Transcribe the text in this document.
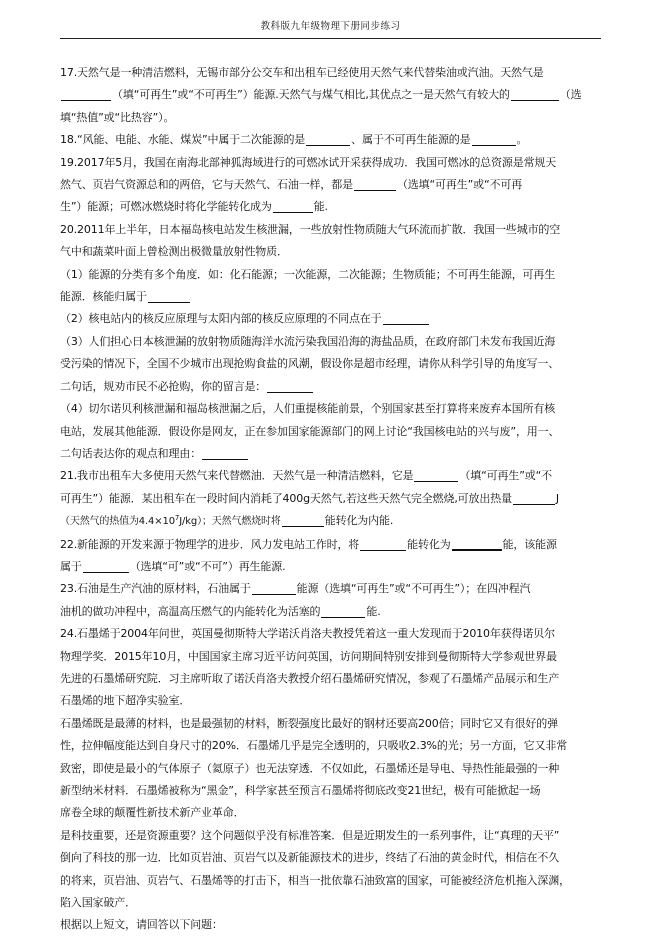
教科版九年级物理下册同步练习

17.天然气是一种清洁燃料，无锡市部分公交车和出租车已经使用天然气来代替柴油或汽油。天然气是

（填“可再生”或“不可再生”）能源.天然气与煤气相比,其优点之一是天然气有较大的	（选

填“热值”或“比热容”）。

18.“风能、电能、水能、煤炭”中属于二次能源的是	、属于不可再生能源的是	。

19.2017年5月，我国在南海北部神狐海域进行的可燃冰试开采获得成功．我国可燃冰的总资源是常规天

然气、页岩气资源总和的两倍，它与天然气、石油一样，都是	（选填“可再生”或“不可再

生”）能源；可燃冰燃烧时将化学能转化成为	能.

20.2011年上半年，日本福岛核电站发生核泄漏，一些放射性物质随大气环流而扩散．我国一些城市的空

气中和蔬菜叶面上曾检测出极微量放射性物质．

（1）能源的分类有多个角度．如：化石能源；一次能源，二次能源；生物质能；不可再生能源，可再生

能源．核能归属于

（2）核电站内的核反应原理与太阳内部的核反应原理的不同点在于

（3）人们担心日本核泄漏的放射物质随海洋水流污染我国沿海的海盐品质，在政府部门未发布我国近海

受污染的情况下，全国不少城市出现抢购食盐的风潮，假设你是超市经理，请你从科学引导的角度写一、

二句话，规劝市民不必抢购，你的留言是：

（4）切尔诺贝利核泄漏和福岛核泄漏之后，人们重提核能前景，个别国家甚至打算将来废弃本国所有核

电站，发展其他能源．假设你是网友，正在参加国家能源部门的网上讨论“我国核电站的兴与废”，用一、

二句话表达你的观点和理由：

21.我市出租车大多使用天然气来代替燃油．天然气是一种清洁燃料，它是	（填“可再生”或“不

可再生”）能源．某出租车在一段时间内消耗了400g天然气,若这些天然气完全燃烧,可放出热量	J

（天然气的热值为$4.4\times 10^7J/kg$）；天然气燃烧时将	能转化为内能.

22.新能源的开发来源于物理学的进步．风力发电站工作时，将	能转化为	能，该能源

属于	（选填“可”或“不可”）再生能源.

23.石油是生产汽油的原材料，石油属于	能源（选填“可再生”或“不可再生”）；在四冲程汽

油机的做功冲程中，高温高压燃气的内能转化为活塞的	能.

24.石墨烯于2004年问世，英国曼彻斯特大学诺沃肖洛夫教授凭着这一重大发现而于2010年获得诺贝尔

物理学奖．2015年10月，中国国家主席习近平访问英国，访问期间特别安排到曼彻斯特大学参观世界最

先进的石墨烯研究院．习主席听取了诺沃肖洛夫教授介绍石墨烯研究情况，参观了石墨烯产品展示和生产

石墨烯的地下超净实验室．

石墨烯既是最薄的材料，也是最强韧的材料，断裂强度比最好的钢材还要高200倍；同时它又有很好的弹

性，拉伸幅度能达到自身尺寸的20%．石墨烯几乎是完全透明的，只吸收2.3%的光；另一方面，它又非常

致密，即使是最小的气体原子（氦原子）也无法穿透．不仅如此，石墨烯还是导电、导热性能最强的一种

新型纳米材料．石墨烯被称为“黑金”，科学家甚至预言石墨烯将彻底改变21世纪，极有可能掀起一场

席卷全球的颠覆性新技术新产业革命．

是科技重要，还是资源重要？这个问题似乎没有标准答案．但是近期发生的一系列事件，让“真理的天平”

倒向了科技的那一边．比如页岩油、页岩气以及新能源技术的进步，终结了石油的黄金时代，相信在不久

的将来，页岩油、页岩气、石墨烯等的打击下，相当一批依靠石油致富的国家，可能被经济危机拖入深渊，

陷入国家破产．

根据以上短文，请回答以下问题：
